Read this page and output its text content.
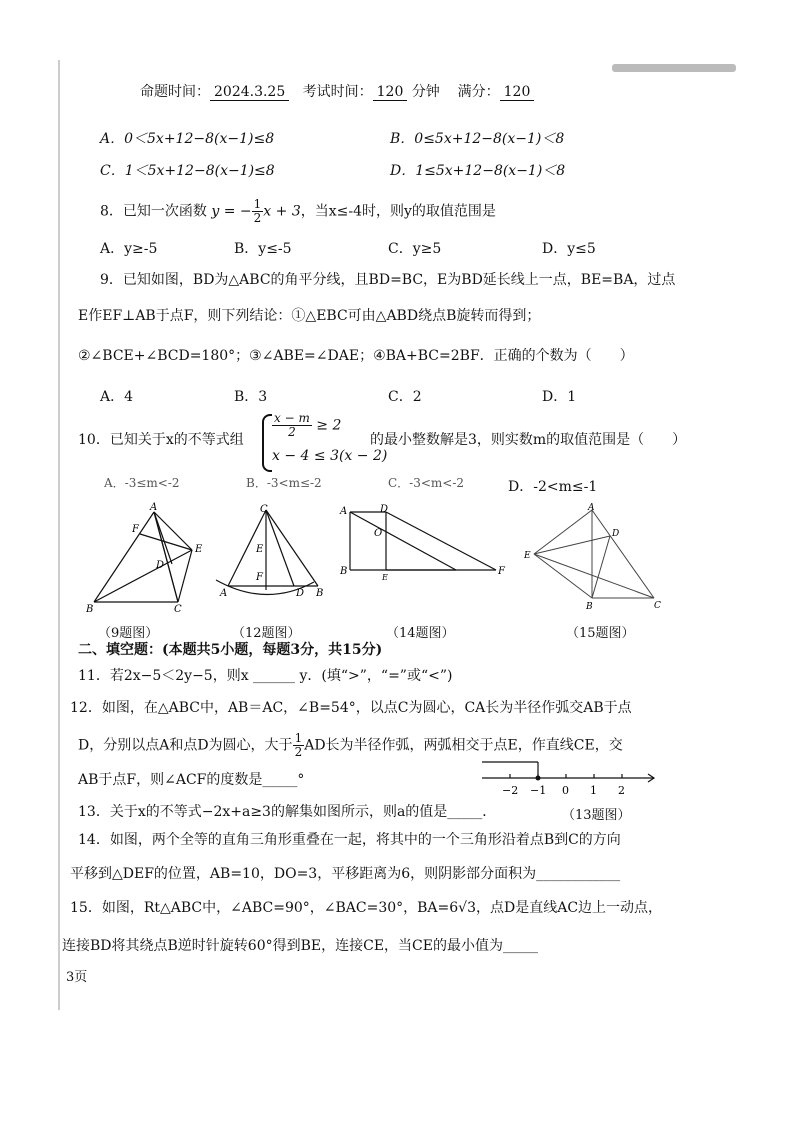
命题时间： 2024.3.25 考试时间： 120 分钟 满分： 120
A．0＜5x+12−8(x−1)≤8	B．0≤5x+12−8(x−1)＜8
C．1＜5x+12−8(x−1)≤8	D．1≤5x+12−8(x−1)＜8
8．已知一次函数 y = − $\frac{1}{2}$ x + 3，当x≤-4时，则y的取值范围是
A．y≥-5	B．y≤-5	C．y≥5	D．y≤5
9．已知如图，BD为△ABC的角平分线，且BD=BC，E为BD延长线上一点，BE=BA，过点
E作EF⊥AB于点F，则下列结论：①△EBC可由△ABD绕点B旋转而得到；
②∠BCE+∠BCD=180°；③∠ABE=∠DAE；④BA+BC=2BF．正确的个数为（　　）
A．4	B．3	C．2	D．1
10．已知关于x的不等式组
$\frac{x - m}{2} \ge 2$
x − 4 ≤ 3(x − 2)
的最小整数解是3，则实数m的取值范围是（　　）
A．-3≤m<-2	B．-3<m≤-2	C．-3<m<-2	D．-2<m≤-1
A
F
E
D
B	C
C
E
F
A	D B
A	D
O
B
E
F
A
D
E
B	C
（9题图）	（12题图）	（14题图）	（15题图）
二、填空题：(本题共5小题，每题3分，共15分)
11．若2x−5＜2y−5，则x ______ y．(填“>”，“=”或“<”)
12．如图，在△ABC中，AB＝AC，∠B=54°，以点C为圆心，CA长为半径作弧交AB于点
D，分别以点A和点D为圆心，大于 $\frac{1}{2}$ AD长为半径作弧，两弧相交于点E，作直线CE，交
AB于点F，则∠ACF的度数是_____°
−2 −1 0 1 2
13．关于x的不等式−2x+a≥3的解集如图所示，则a的值是_____．	（13题图）
14．如图，两个全等的直角三角形重叠在一起，将其中的一个三角形沿着点B到C的方向
平移到△DEF的位置，AB=10，DO=3，平移距离为6，则阴影部分面积为____________
15．如图，Rt△ABC中，∠ABC=90°，∠BAC=30°，BA=6√3，点D是直线AC边上一动点，
连接BD将其绕点B逆时针旋转60°得到BE，连接CE，当CE的最小值为_____
3页
